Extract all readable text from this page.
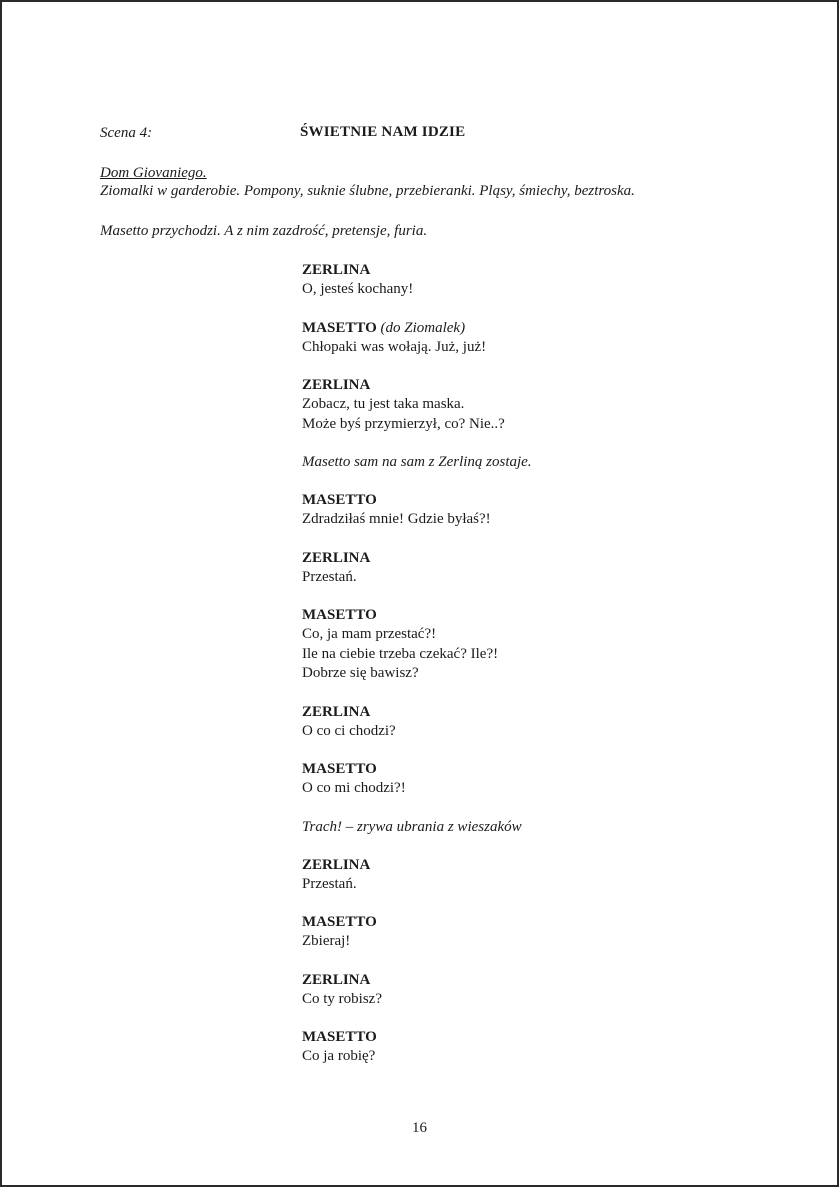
Scena 4:	ŚWIETNIE NAM IDZIE
Dom Giovaniego.
Ziomalki w garderobie. Pompony, suknie ślubne, przebieranki. Pląsy, śmiechy, beztroska.
Masetto przychodzi. A z nim zazdrość, pretensje, furia.
ZERLINA
O, jesteś kochany!
MASETTO (do Ziomalek)
Chłopaki was wołają. Już, już!
ZERLINA
Zobacz, tu jest taka maska.
Może byś przymierzył, co? Nie..?
Masetto sam na sam z Zerliną zostaje.
MASETTO
Zdradziłaś mnie! Gdzie byłaś?!
ZERLINA
Przestań.
MASETTO
Co, ja mam przestać?!
Ile na ciebie trzeba czekać? Ile?!
Dobrze się bawisz?
ZERLINA
O co ci chodzi?
MASETTO
O co mi chodzi?!
Trach! – zrywa ubrania z wieszaków
ZERLINA
Przestań.
MASETTO
Zbieraj!
ZERLINA
Co ty robisz?
MASETTO
Co ja robię?
16
